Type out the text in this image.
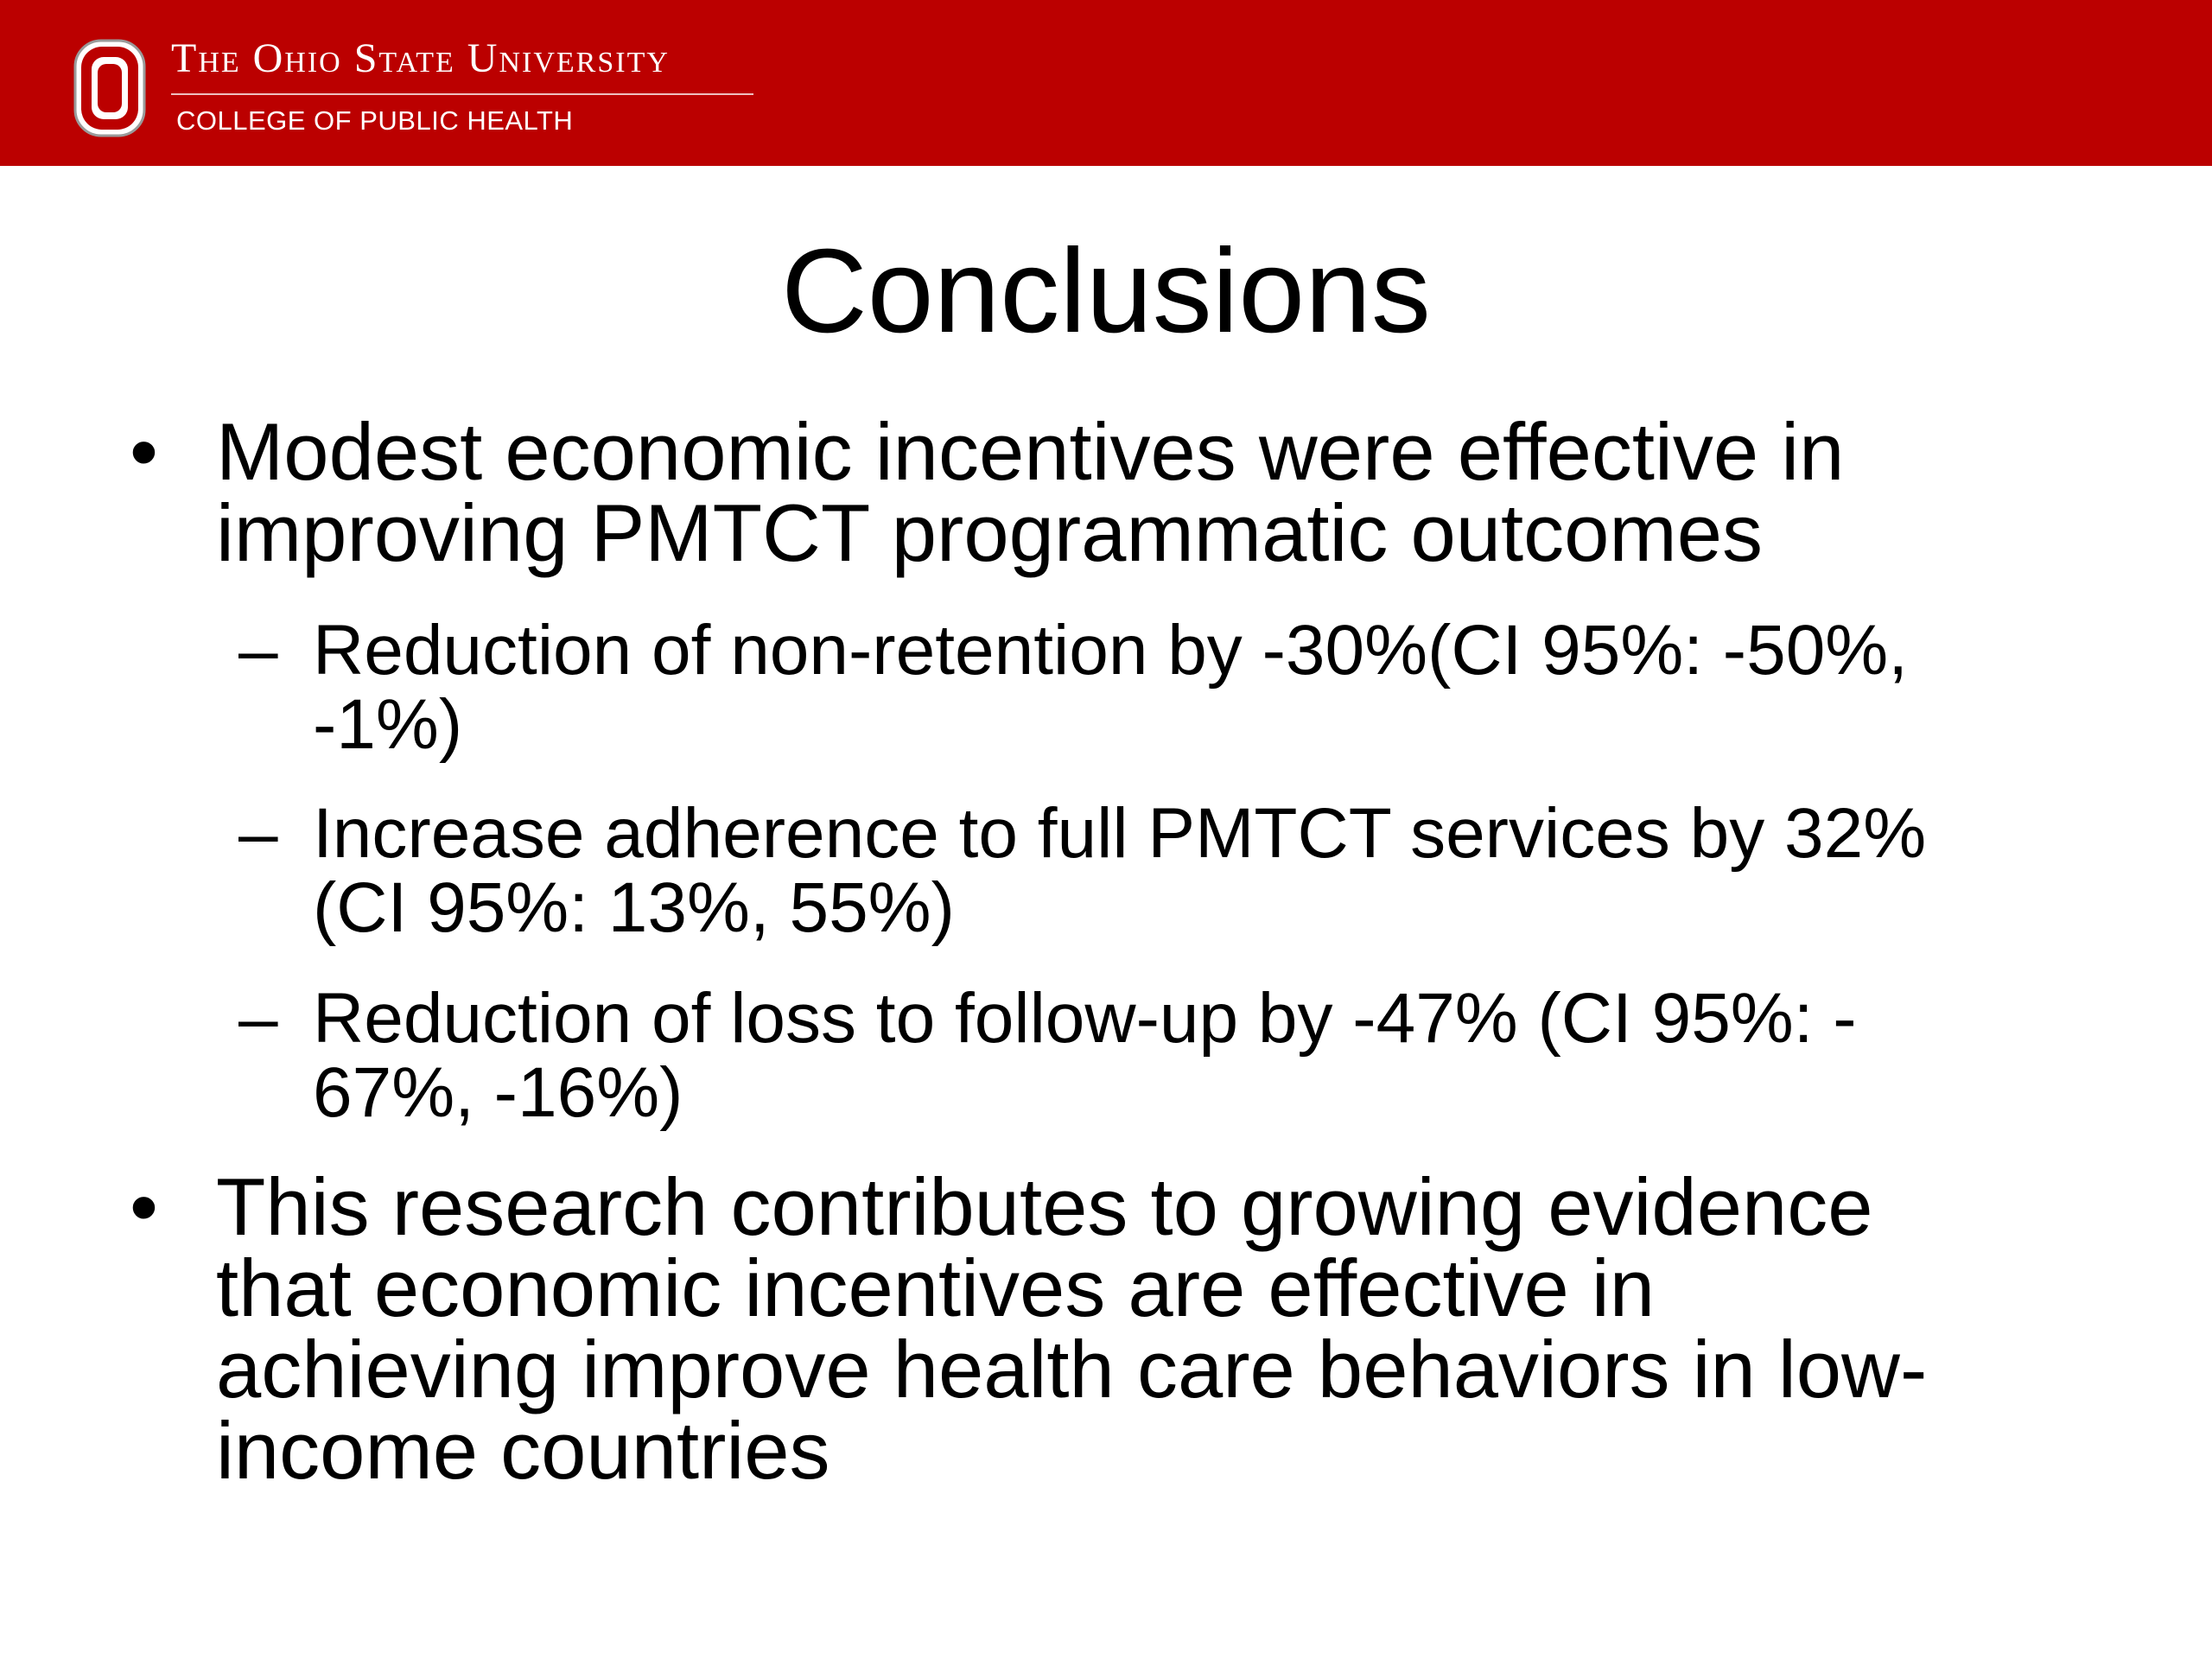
The Ohio State University
COLLEGE OF PUBLIC HEALTH
Conclusions
• Modest economic incentives were effective in
improving PMTCT programmatic outcomes
– Reduction of non-retention by -30%(CI 95%: -50%,
-1%)
– Increase adherence to full PMTCT services by 32%
(CI 95%: 13%, 55%)
– Reduction of loss to follow-up by -47% (CI 95%: -
67%, -16%)
• This research contributes to growing evidence
that economic incentives are effective in
achieving improve health care behaviors in low-
income countries
